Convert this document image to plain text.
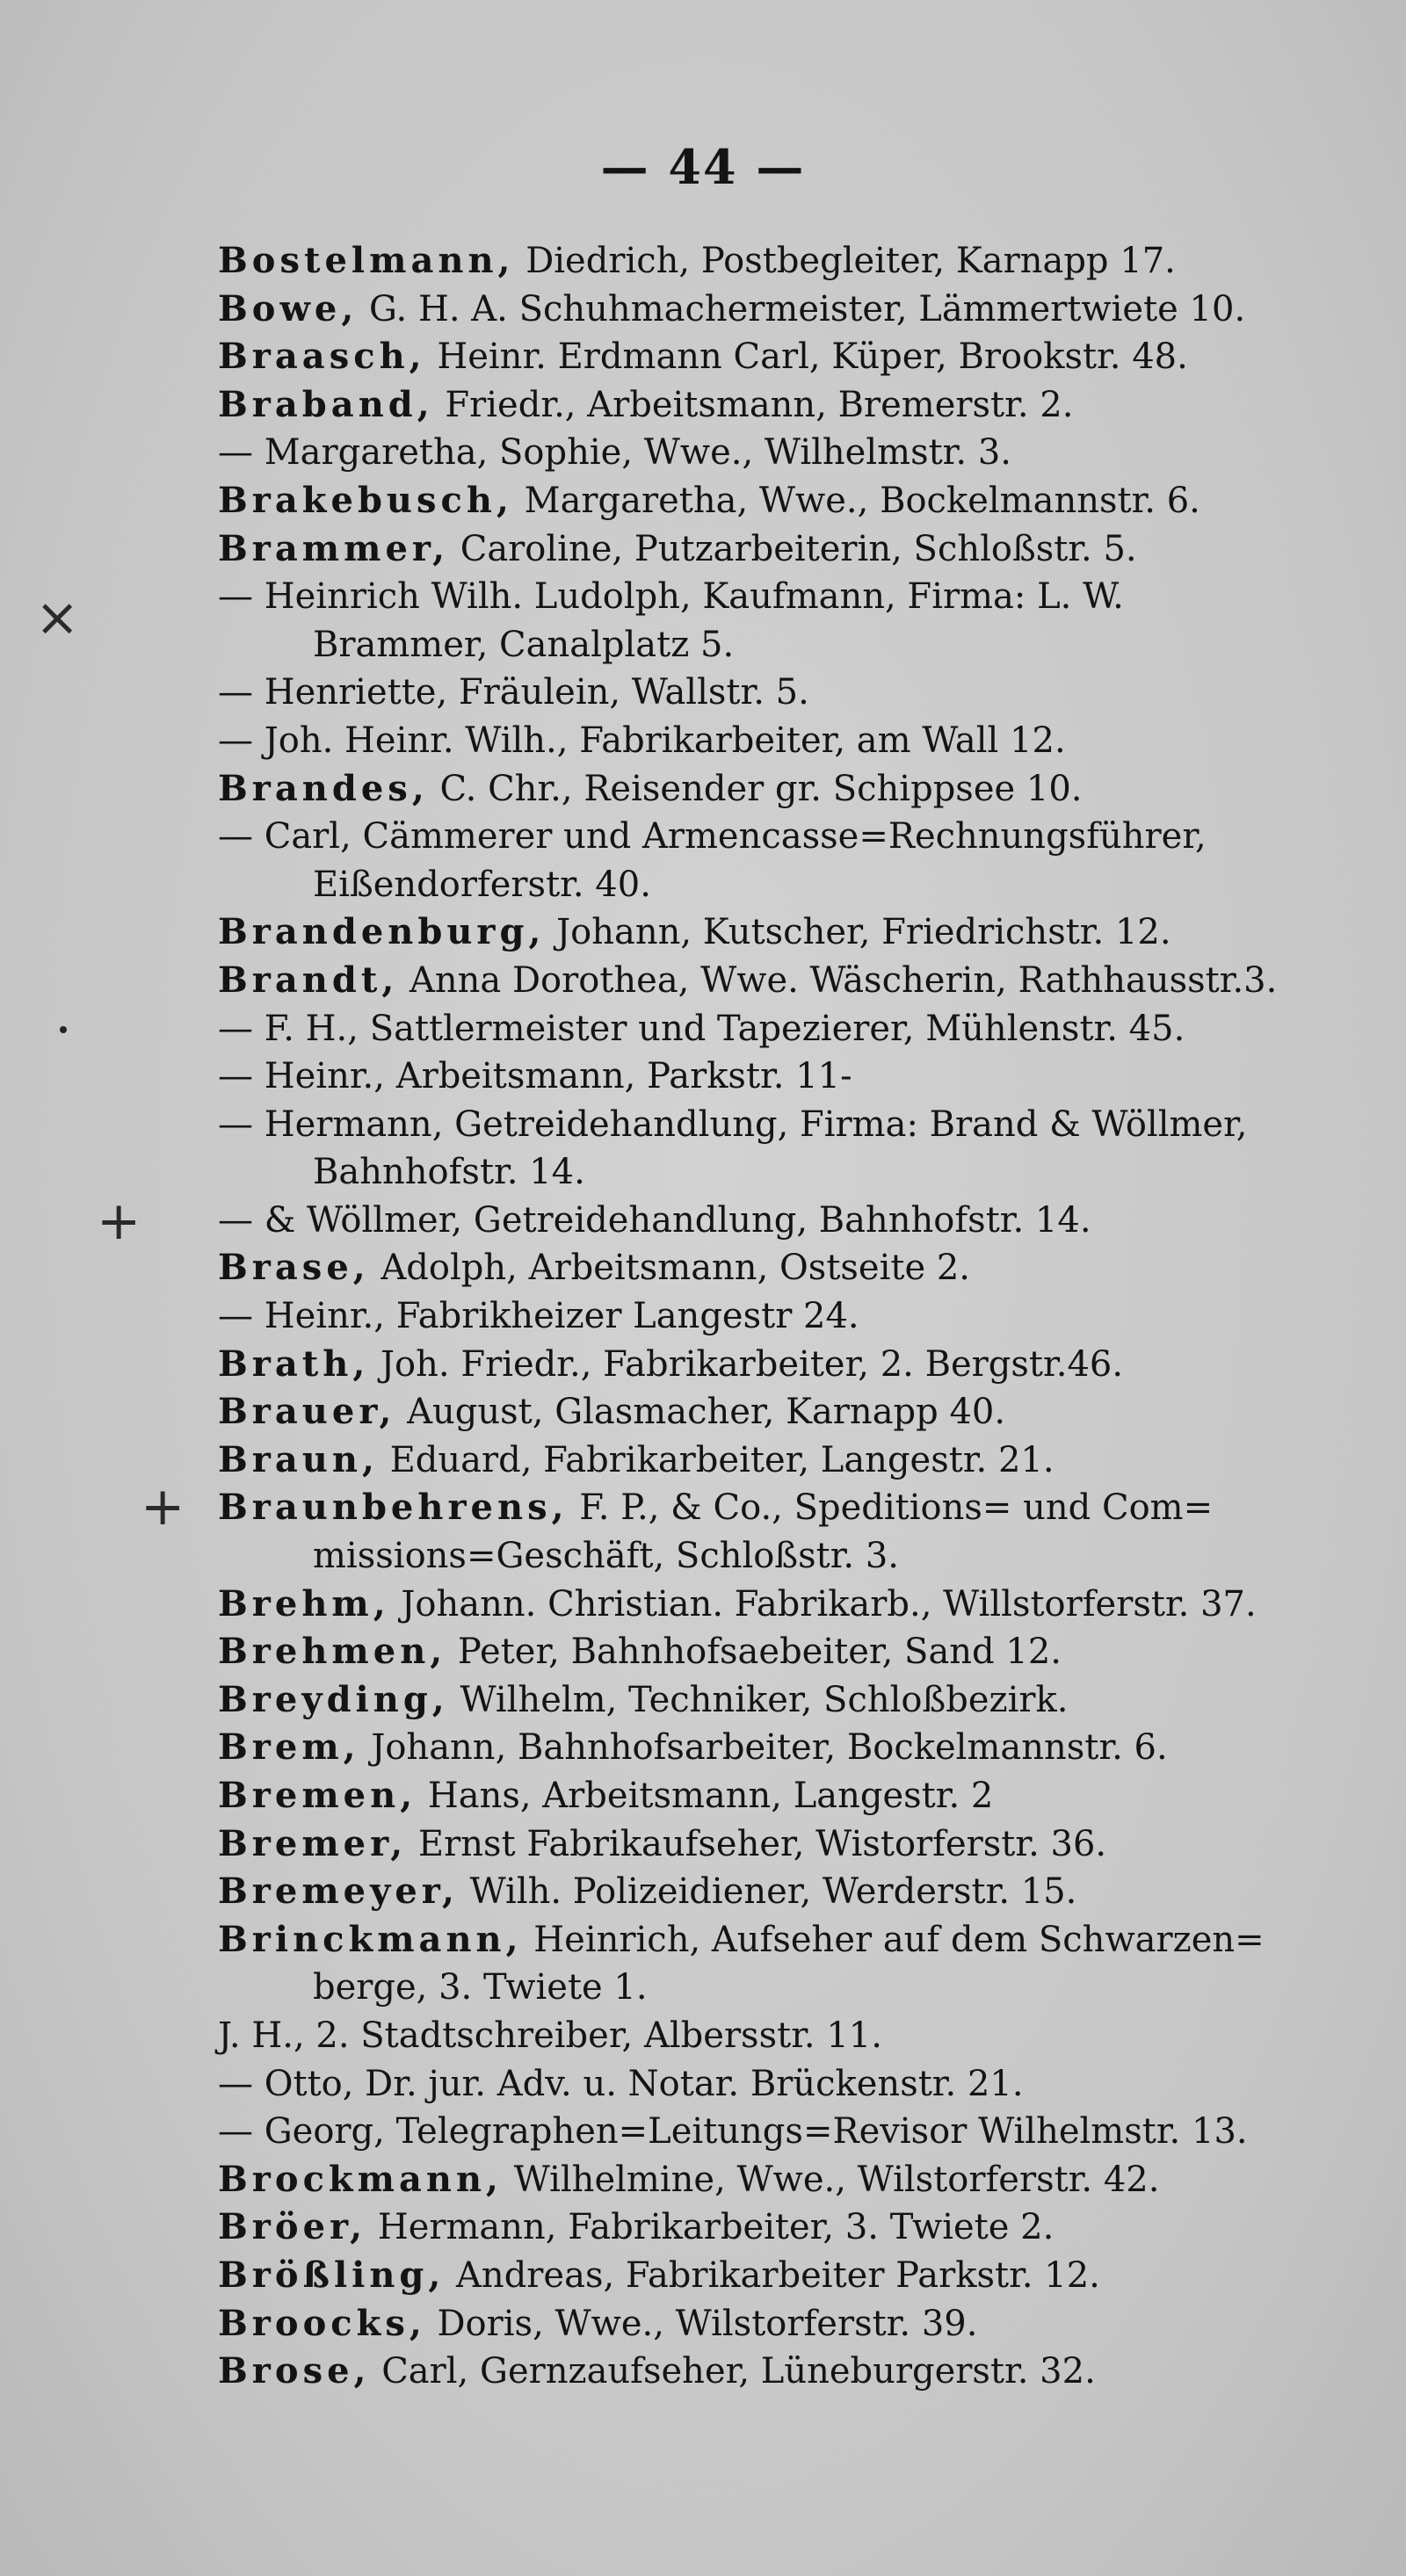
— 44 —
Bostelmann, Diedrich, Postbegleiter, Karnapp 17.
Bowe, G. H. A. Schuhmachermeister, Lämmertwiete 10.
Braasch, Heinr. Erdmann Carl, Küper, Brookstr. 48.
Braband, Friedr., Arbeitsmann, Bremerstr. 2.
— Margaretha, Sophie, Wwe., Wilhelmstr. 3.
Brakebusch, Margaretha, Wwe., Bockelmannstr. 6.
Brammer, Caroline, Putzarbeiterin, Schloßstr. 5.
— Heinrich Wilh. Ludolph, Kaufmann, Firma: L. W.
Brammer, Canalplatz 5.
— Henriette, Fräulein, Wallstr. 5.
— Joh. Heinr. Wilh., Fabrikarbeiter, am Wall 12.
Brandes, C. Chr., Reisender gr. Schippsee 10.
— Carl, Cämmerer und Armencasse=Rechnungsführer,
Eißendorferstr. 40.
Brandenburg, Johann, Kutscher, Friedrichstr. 12.
Brandt, Anna Dorothea, Wwe. Wäscherin, Rathhausstr.3.
— F. H., Sattlermeister und Tapezierer, Mühlenstr. 45.
— Heinr., Arbeitsmann, Parkstr. 11-
— Hermann, Getreidehandlung, Firma: Brand & Wöllmer,
Bahnhofstr. 14.
— & Wöllmer, Getreidehandlung, Bahnhofstr. 14.
Brase, Adolph, Arbeitsmann, Ostseite 2.
— Heinr., Fabrikheizer Langestr 24.
Brath, Joh. Friedr., Fabrikarbeiter, 2. Bergstr.46.
Brauer, August, Glasmacher, Karnapp 40.
Braun, Eduard, Fabrikarbeiter, Langestr. 21.
Braunbehrens, F. P., & Co., Speditions= und Com=
missions=Geschäft, Schloßstr. 3.
Brehm, Johann. Christian. Fabrikarb., Willstorferstr. 37.
Brehmen, Peter, Bahnhofsaebeiter, Sand 12.
Breyding, Wilhelm, Techniker, Schloßbezirk.
Brem, Johann, Bahnhofsarbeiter, Bockelmannstr. 6.
Bremen, Hans, Arbeitsmann, Langestr. 2
Bremer, Ernst Fabrikaufseher, Wistorferstr. 36.
Bremeyer, Wilh. Polizeidiener, Werderstr. 15.
Brinckmann, Heinrich, Aufseher auf dem Schwarzen=
berge, 3. Twiete 1.
J. H., 2. Stadtschreiber, Albersstr. 11.
— Otto, Dr. jur. Adv. u. Notar. Brückenstr. 21.
— Georg, Telegraphen=Leitungs=Revisor Wilhelmstr. 13.
Brockmann, Wilhelmine, Wwe., Wilstorferstr. 42.
Bröer, Hermann, Fabrikarbeiter, 3. Twiete 2.
Brößling, Andreas, Fabrikarbeiter Parkstr. 12.
Broocks, Doris, Wwe., Wilstorferstr. 39.
Brose, Carl, Gernzaufseher, Lüneburgerstr. 32.
×
+
+
